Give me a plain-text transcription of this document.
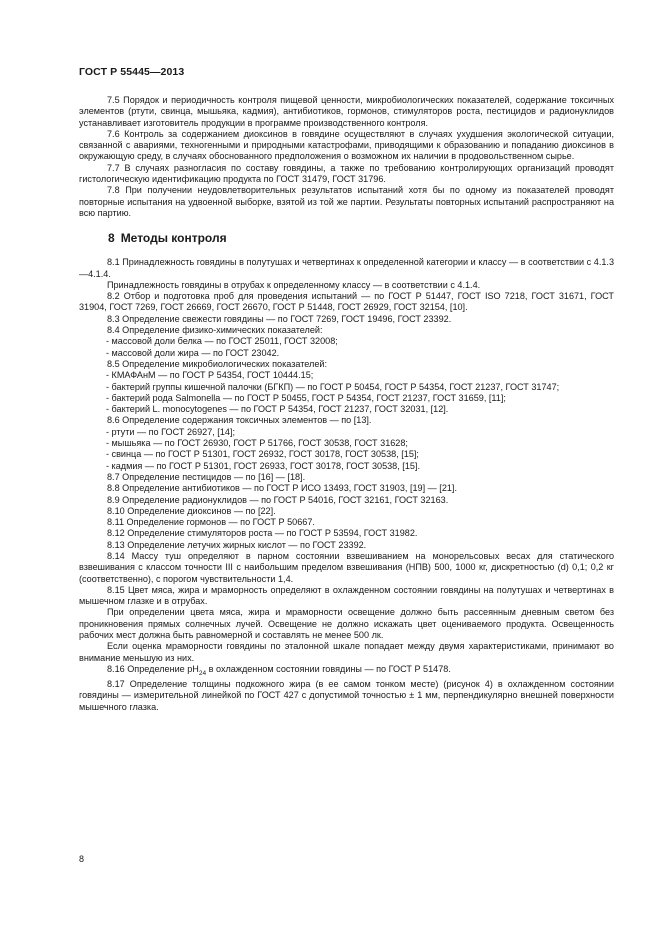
ГОСТ Р 55445—2013

7.5 Порядок и периодичность контроля пищевой ценности, микробиологических показателей, содержание токсичных элементов (ртути, свинца, мышьяка, кадмия), антибиотиков, гормонов, стимуляторов роста, пестицидов и радионуклидов устанавливает изготовитель продукции в программе производственного контроля.

7.6 Контроль за содержанием диоксинов в говядине осуществляют в случаях ухудшения экологической ситуации, связанной с авариями, техногенными и природными катастрофами, приводящими к образованию и попаданию диоксинов в окружающую среду, в случаях обоснованного предположения о возможном их наличии в продовольственном сырье.

7.7 В случаях разногласия по составу говядины, а также по требованию контролирующих организаций проводят гистологическую идентификацию продукта по ГОСТ 31479, ГОСТ 31796.

7.8 При получении неудовлетворительных результатов испытаний хотя бы по одному из показателей проводят повторные испытания на удвоенной выборке, взятой из той же партии. Результаты повторных испытаний распространяют на всю партию.

8 Методы контроля

8.1 Принадлежность говядины в полутушах и четвертинах к определенной категории и классу — в соответствии с 4.1.3—4.1.4.

Принадлежность говядины в отрубах к определенному классу — в соответствии с 4.1.4.

8.2 Отбор и подготовка проб для проведения испытаний — по ГОСТ Р 51447, ГОСТ ISO 7218, ГОСТ 31671, ГОСТ 31904, ГОСТ 7269, ГОСТ 26669, ГОСТ 26670, ГОСТ Р 51448, ГОСТ 26929, ГОСТ 32154, [10].

8.3 Определение свежести говядины — по ГОСТ 7269, ГОСТ 19496, ГОСТ 23392.

8.4 Определение физико-химических показателей:

- массовой доли белка — по ГОСТ 25011, ГОСТ 32008;

- массовой доли жира — по ГОСТ 23042.

8.5 Определение микробиологических показателей:

- КМАФАнМ — по ГОСТ Р 54354, ГОСТ 10444.15;

- бактерий группы кишечной палочки (БГКП) — по ГОСТ Р 50454, ГОСТ Р 54354, ГОСТ 21237, ГОСТ 31747;

- бактерий рода Salmonella — по ГОСТ Р 50455, ГОСТ Р 54354, ГОСТ 21237, ГОСТ 31659, [11];

- бактерий L. monocytogenes — по ГОСТ Р 54354, ГОСТ 21237, ГОСТ 32031, [12].

8.6 Определение содержания токсичных элементов — по [13].

- ртути — по ГОСТ 26927, [14];

- мышьяка — по ГОСТ 26930, ГОСТ Р 51766, ГОСТ 30538, ГОСТ 31628;

- свинца — по ГОСТ Р 51301, ГОСТ 26932, ГОСТ 30178, ГОСТ 30538, [15];

- кадмия — по ГОСТ Р 51301, ГОСТ 26933, ГОСТ 30178, ГОСТ 30538, [15].

8.7 Определение пестицидов — по [16] — [18].

8.8 Определение антибиотиков — по ГОСТ Р ИСО 13493, ГОСТ 31903, [19] — [21].

8.9 Определение радионуклидов — по ГОСТ Р 54016, ГОСТ 32161, ГОСТ 32163.

8.10 Определение диоксинов — по [22].

8.11 Определение гормонов — по ГОСТ Р 50667.

8.12 Определение стимуляторов роста — по ГОСТ Р 53594, ГОСТ 31982.

8.13 Определение летучих жирных кислот — по ГОСТ 23392.

8.14 Массу туш определяют в парном состоянии взвешиванием на монорельсовых весах для статического взвешивания с классом точности III с наибольшим пределом взвешивания (НПВ) 500, 1000 кг, дискретностью (d) 0,1; 0,2 кг (соответственно), с порогом чувствительности 1,4.

8.15 Цвет мяса, жира и мраморность определяют в охлажденном состоянии говядины на полутушах и четвертинах в мышечном глазке и в отрубах.

При определении цвета мяса, жира и мраморности освещение должно быть рассеянным дневным светом без проникновения прямых солнечных лучей. Освещение не должно искажать цвет оцениваемого продукта. Освещенность рабочих мест должна быть равномерной и составлять не менее 500 лк.

Если оценка мраморности говядины по эталонной шкале попадает между двумя характеристиками, принимают во внимание меньшую из них.

8.16 Определение $рН_{24}$ в охлажденном состоянии говядины — по ГОСТ Р 51478.

8.17 Определение толщины подкожного жира (в ее самом тонком месте) (рисунок 4) в охлажденном состоянии говядины — измерительной линейкой по ГОСТ 427 с допустимой точностью ± 1 мм, перпендикулярно внешней поверхности мышечного глазка.

8
